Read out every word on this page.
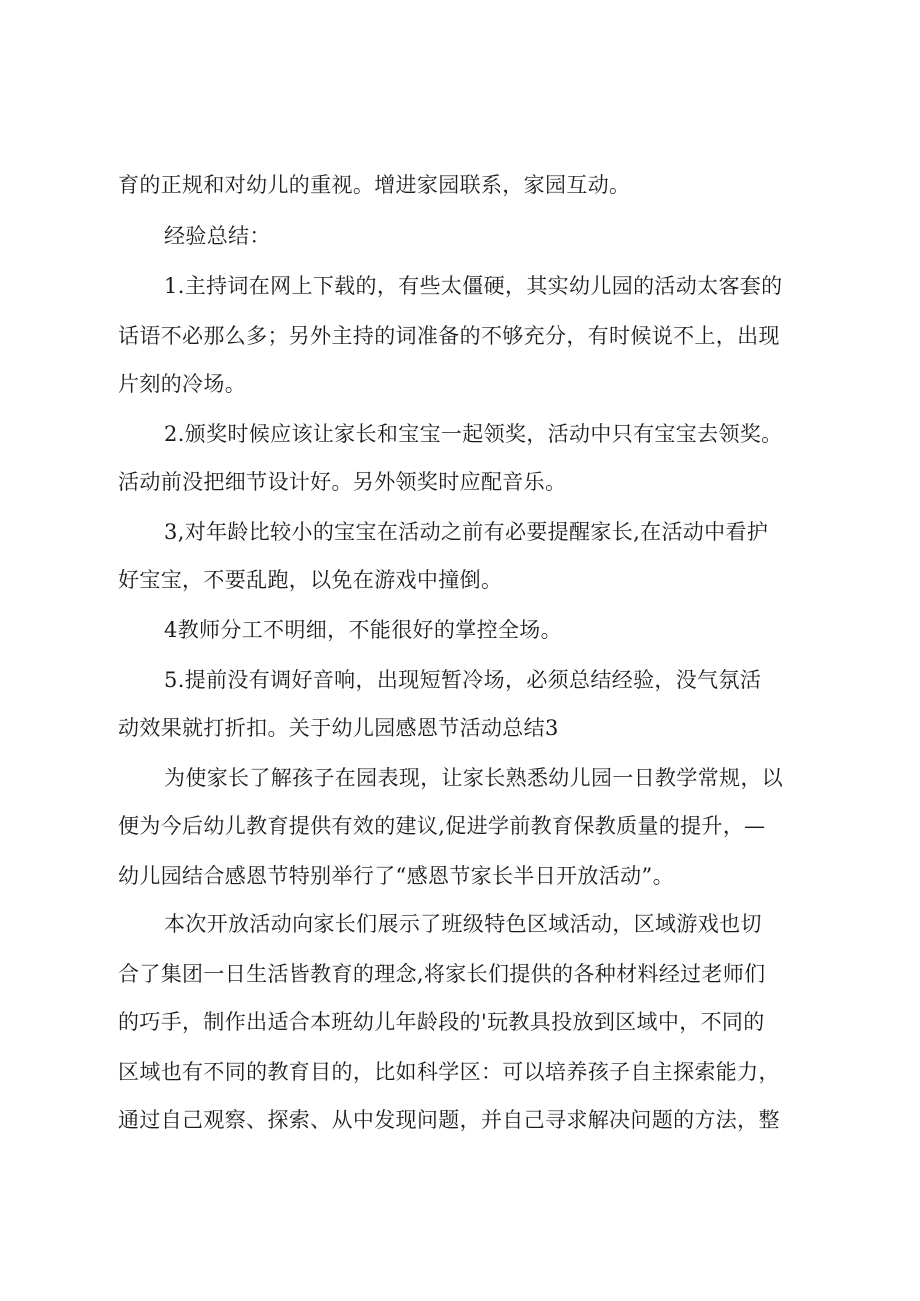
育的正规和对幼儿的重视。增进家园联系，家园互动。
经验总结：
1.主持词在网上下载的，有些太僵硬，其实幼儿园的活动太客套的
话语不必那么多；另外主持的词准备的不够充分，有时候说不上，出现
片刻的冷场。
2.颁奖时候应该让家长和宝宝一起领奖，活动中只有宝宝去领奖。
活动前没把细节设计好。另外领奖时应配音乐。
3,对年龄比较小的宝宝在活动之前有必要提醒家长,在活动中看护
好宝宝，不要乱跑，以免在游戏中撞倒。
4教师分工不明细，不能很好的掌控全场。
5.提前没有调好音响，出现短暂冷场，必须总结经验，没气氛活
动效果就打折扣。关于幼儿园感恩节活动总结3
为使家长了解孩子在园表现，让家长熟悉幼儿园一日教学常规，以
便为今后幼儿教育提供有效的建议,促进学前教育保教质量的提升，—
幼儿园结合感恩节特别举行了“感恩节家长半日开放活动”。
本次开放活动向家长们展示了班级特色区域活动，区域游戏也切
合了集团一日生活皆教育的理念,将家长们提供的各种材料经过老师们
的巧手，制作出适合本班幼儿年龄段的'玩教具投放到区域中，不同的
区域也有不同的教育目的，比如科学区：可以培养孩子自主探索能力，
通过自己观察、探索、从中发现问题，并自己寻求解决问题的方法，整
